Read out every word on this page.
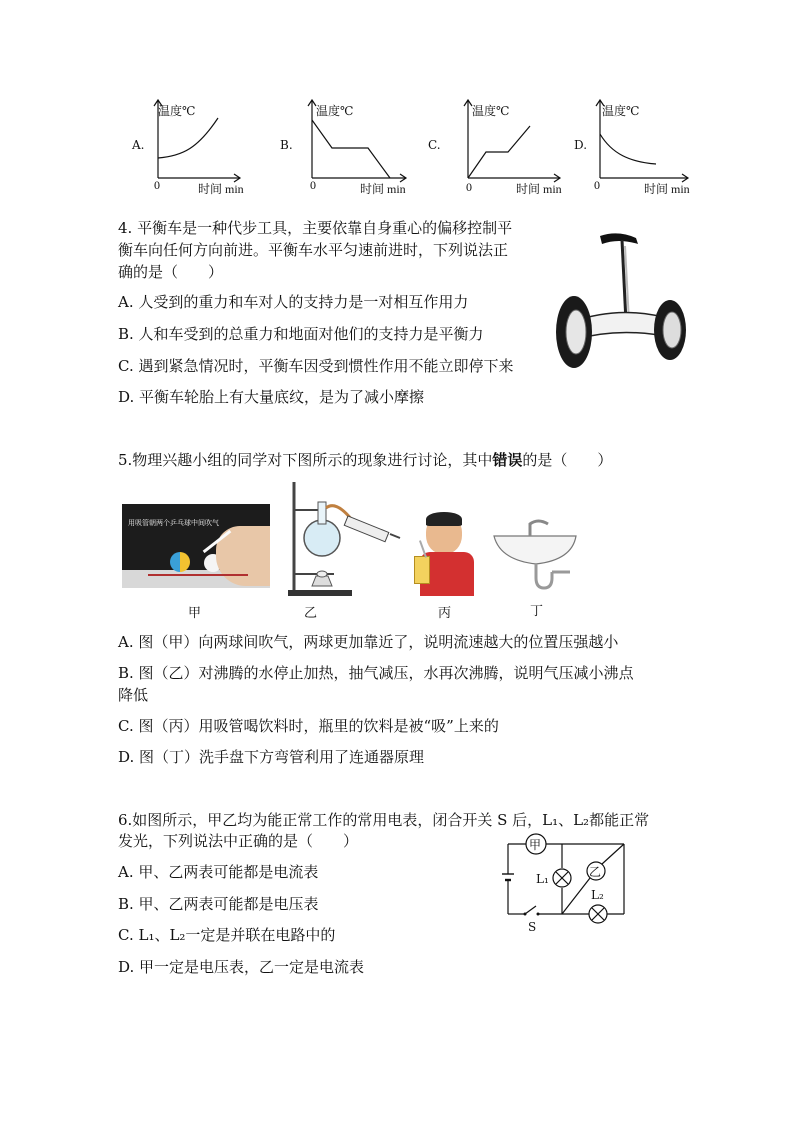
A.
温度℃
0	时间 min
B.
温度℃
0	时间 min
C.
温度℃
0	时间 min
D.
温度℃
0	时间 min
4. 平衡车是一种代步工具，主要依靠自身重心的偏移控制平
衡车向任何方向前进。平衡车水平匀速前进时，下列说法正
确的是（　　）
A. 人受到的重力和车对人的支持力是一对相互作用力
B. 人和车受到的总重力和地面对他们的支持力是平衡力
C. 遇到紧急情况时，平衡车因受到惯性作用不能立即停下来
D. 平衡车轮胎上有大量底纹，是为了减小摩擦
5.物理兴趣小组的同学对下图所示的现象进行讨论，其中错误的是（　　）
用吸管朝两个乒乓球中间吹气
甲	乙	丙	丁
A. 图（甲）向两球间吹气，两球更加靠近了，说明流速越大的位置压强越小
B. 图（乙）对沸腾的水停止加热，抽气减压，水再次沸腾，说明气压减小沸点
降低
C. 图（丙）用吸管喝饮料时，瓶里的饮料是被“吸”上来的
D. 图（丁）洗手盘下方弯管利用了连通器原理
6.如图所示，甲乙均为能正常工作的常用电表，闭合开关 S 后，L₁、L₂都能正常
发光，下列说法中正确的是（　　）
A. 甲、乙两表可能都是电流表
B. 甲、乙两表可能都是电压表
C. L₁、L₂一定是并联在电路中的
D. 甲一定是电压表，乙一定是电流表
甲
乙
L₁
L₂
S
